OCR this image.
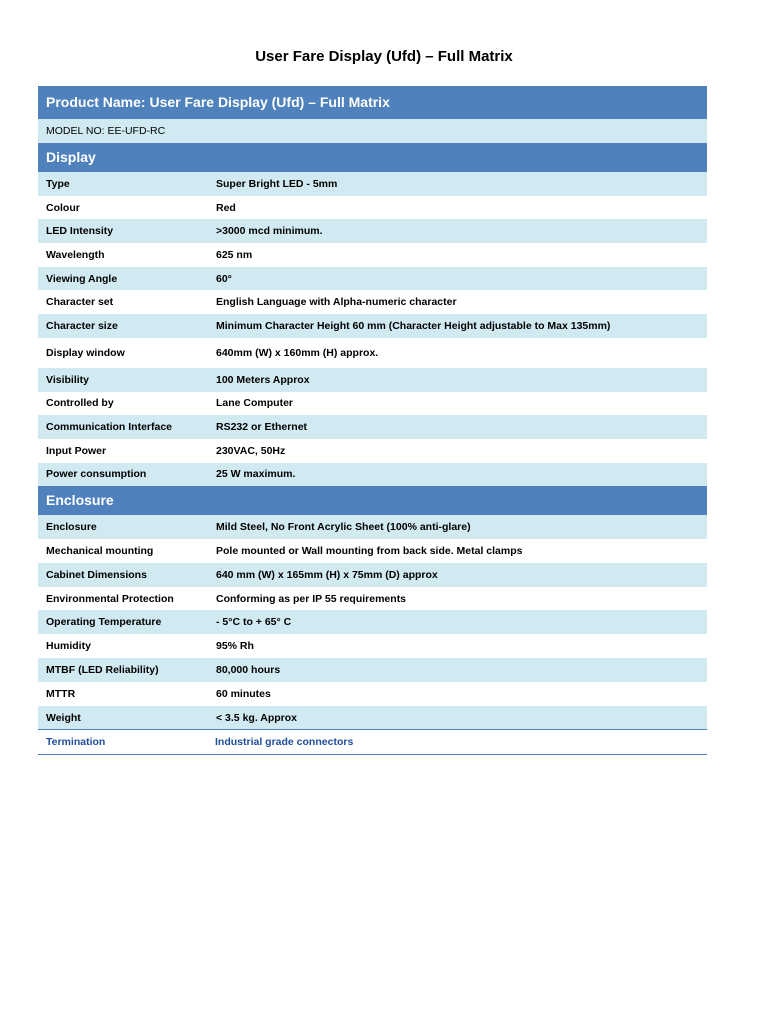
User Fare Display (Ufd) – Full Matrix
Product Name: User Fare Display (Ufd) – Full Matrix
MODEL NO: EE-UFD-RC
Display
Type	Super Bright LED - 5mm
Colour	Red
LED Intensity	>3000 mcd minimum.
Wavelength	625 nm
Viewing Angle	60°
Character set	English Language with Alpha-numeric character
Character size	Minimum Character Height 60 mm (Character Height adjustable to Max 135mm)
Display window	640mm (W) x 160mm (H) approx.
Visibility	100 Meters Approx
Controlled by	Lane Computer
Communication Interface	RS232 or Ethernet
Input Power	230VAC, 50Hz
Power consumption	25 W maximum.
Enclosure
Enclosure	Mild Steel, No Front Acrylic Sheet (100% anti-glare)
Mechanical mounting	Pole mounted or Wall mounting from back side. Metal clamps
Cabinet Dimensions	640 mm (W) x 165mm (H) x 75mm (D) approx
Environmental Protection	Conforming as per IP 55 requirements
Operating Temperature	- 5°C to + 65° C
Humidity	95% Rh
MTBF (LED Reliability)	80,000 hours
MTTR	60 minutes
Weight	< 3.5 kg. Approx
Termination	Industrial grade connectors
